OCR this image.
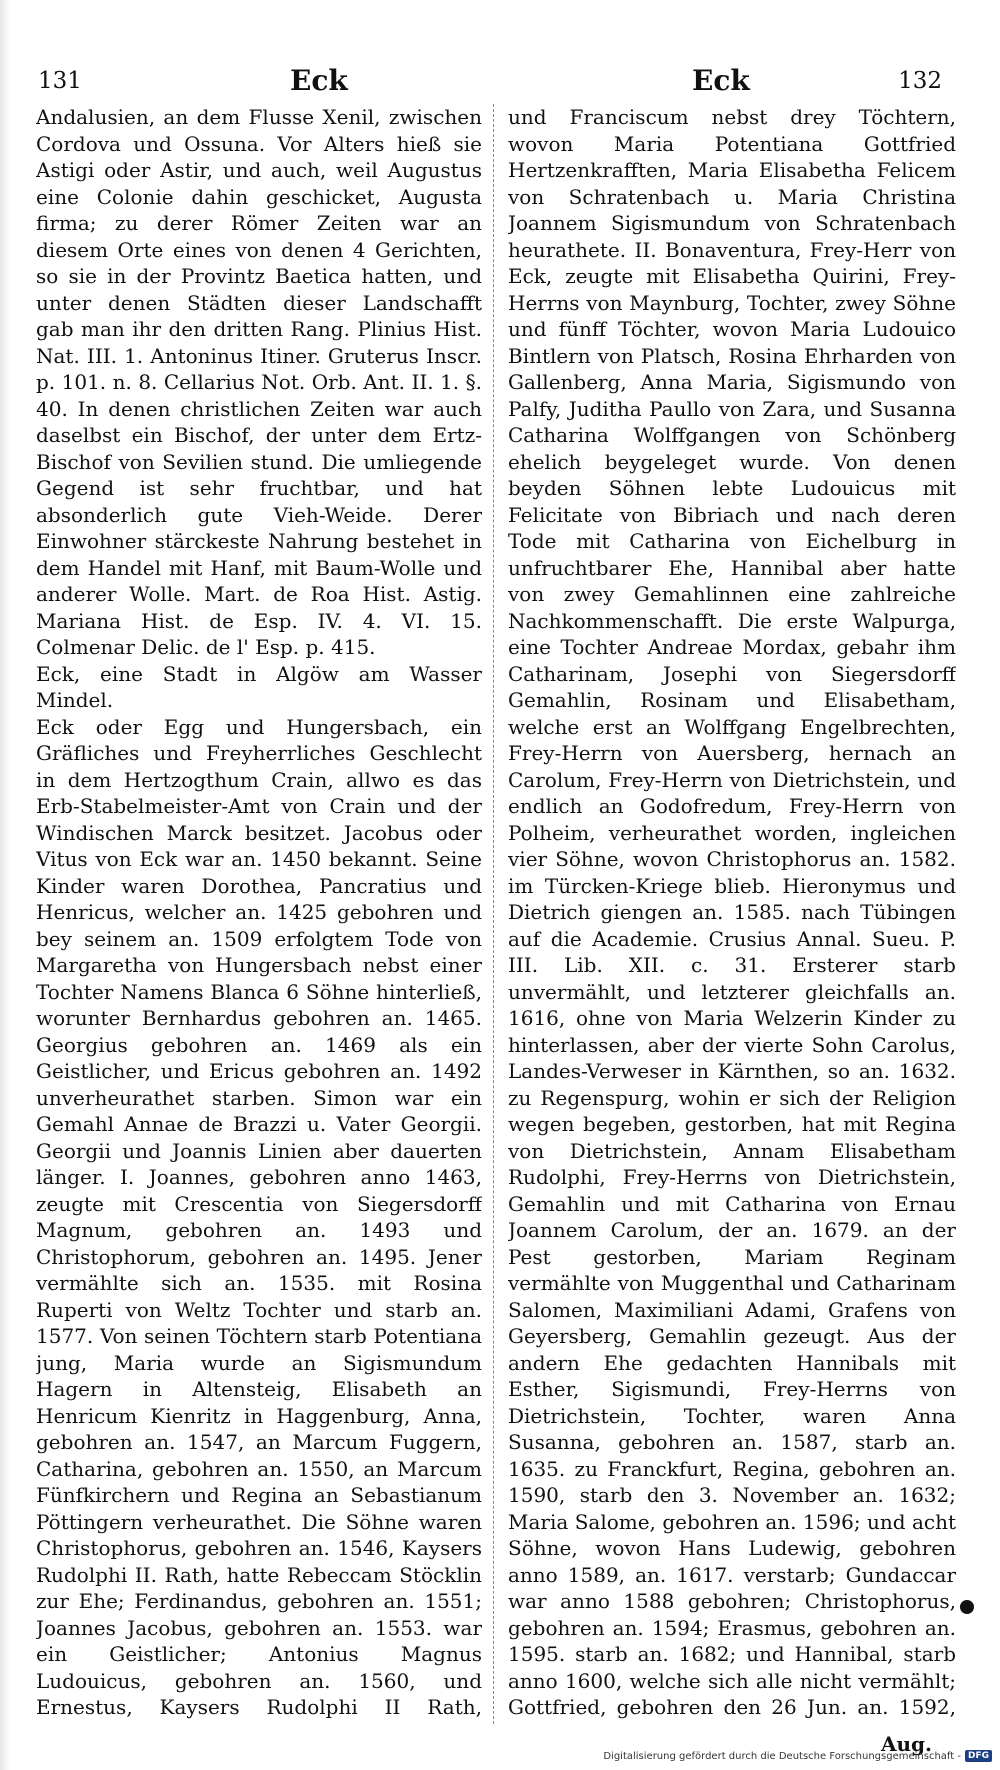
131	Eck	Eck	132

Andalusien, an dem Flusse Xenil, zwischen Cordova und Ossuna. Vor Alters hieß sie Astigi oder Astir, und auch, weil Augustus eine Colonie dahin geschicket, Augusta firma; zu derer Römer Zeiten war an diesem Orte eines von denen 4 Gerichten, so sie in der Provintz Baetica hatten, und unter denen Städten dieser Landschafft gab man ihr den dritten Rang. Plinius Hist. Nat. III. 1. Antoninus Itiner. Gruterus Inscr. p. 101. n. 8. Cellarius Not. Orb. Ant. II. 1. §. 40. In denen christlichen Zeiten war auch daselbst ein Bischof, der unter dem Ertz-Bischof von Sevilien stund. Die umliegende Gegend ist sehr fruchtbar, und hat absonderlich gute Vieh-Weide. Derer Einwohner stärckeste Nahrung bestehet in dem Handel mit Hanf, mit Baum-Wolle und anderer Wolle. Mart. de Roa Hist. Astig. Mariana Hist. de Esp. IV. 4. VI. 15. Colmenar Delic. de l' Esp. p. 415.

Eck, eine Stadt in Algöw am Wasser Mindel.

Eck oder Egg und Hungersbach, ein Gräfliches und Freyherrliches Geschlecht in dem Hertzogthum Crain, allwo es das Erb-Stabelmeister-Amt von Crain und der Windischen Marck besitzet. Jacobus oder Vitus von Eck war an. 1450 bekannt. Seine Kinder waren Dorothea, Pancratius und Henricus, welcher an. 1425 gebohren und bey seinem an. 1509 erfolgtem Tode von Margaretha von Hungersbach nebst einer Tochter Namens Blanca 6 Söhne hinterließ, worunter Bernhardus gebohren an. 1465. Georgius gebohren an. 1469 als ein Geistlicher, und Ericus gebohren an. 1492 unverheurathet starben. Simon war ein Gemahl Annae de Brazzi u. Vater Georgii. Georgii und Joannis Linien aber dauerten länger. I. Joannes, gebohren anno 1463, zeugte mit Crescentia von Siegersdorff Magnum, gebohren an. 1493 und Christophorum, gebohren an. 1495. Jener vermählte sich an. 1535. mit Rosina Ruperti von Weltz Tochter und starb an. 1577. Von seinen Töchtern starb Potentiana jung, Maria wurde an Sigismundum Hagern in Altensteig, Elisabeth an Henricum Kienritz in Haggenburg, Anna, gebohren an. 1547, an Marcum Fuggern, Catharina, gebohren an. 1550, an Marcum Fünfkirchern und Regina an Sebastianum Pöttingern verheurathet. Die Söhne waren Christophorus, gebohren an. 1546, Kaysers Rudolphi II. Rath, hatte Rebeccam Stöcklin zur Ehe; Ferdinandus, gebohren an. 1551; Joannes Jacobus, gebohren an. 1553. war ein Geistlicher; Antonius Magnus Ludouicus, gebohren an. 1560, und Ernestus, Kaysers Rudolphi II Rath,

und Franciscum nebst drey Töchtern, wovon Maria Potentiana Gottfried Hertzenkrafften, Maria Elisabetha Felicem von Schratenbach u. Maria Christina Joannem Sigismundum von Schratenbach heurathete. II. Bonaventura, Frey-Herr von Eck, zeugte mit Elisabetha Quirini, Frey-Herrns von Maynburg, Tochter, zwey Söhne und fünff Töchter, wovon Maria Ludouico Bintlern von Platsch, Rosina Ehrharden von Gallenberg, Anna Maria, Sigismundo von Palfy, Juditha Paullo von Zara, und Susanna Catharina Wolffgangen von Schönberg ehelich beygeleget wurde. Von denen beyden Söhnen lebte Ludouicus mit Felicitate von Bibriach und nach deren Tode mit Catharina von Eichelburg in unfruchtbarer Ehe, Hannibal aber hatte von zwey Gemahlinnen eine zahlreiche Nachkommenschafft. Die erste Walpurga, eine Tochter Andreae Mordax, gebahr ihm Catharinam, Josephi von Siegersdorff Gemahlin, Rosinam und Elisabetham, welche erst an Wolffgang Engelbrechten, Frey-Herrn von Auersberg, hernach an Carolum, Frey-Herrn von Dietrichstein, und endlich an Godofredum, Frey-Herrn von Polheim, verheurathet worden, ingleichen vier Söhne, wovon Christophorus an. 1582. im Türcken-Kriege blieb. Hieronymus und Dietrich giengen an. 1585. nach Tübingen auf die Academie. Crusius Annal. Sueu. P. III. Lib. XII. c. 31. Ersterer starb unvermählt, und letzterer gleichfalls an. 1616, ohne von Maria Welzerin Kinder zu hinterlassen, aber der vierte Sohn Carolus, Landes-Verweser in Kärnthen, so an. 1632. zu Regenspurg, wohin er sich der Religion wegen begeben, gestorben, hat mit Regina von Dietrichstein, Annam Elisabetham Rudolphi, Frey-Herrns von Dietrichstein, Gemahlin und mit Catharina von Ernau Joannem Carolum, der an. 1679. an der Pest gestorben, Mariam Reginam vermählte von Muggenthal und Catharinam Salomen, Maximiliani Adami, Grafens von Geyersberg, Gemahlin gezeugt. Aus der andern Ehe gedachten Hannibals mit Esther, Sigismundi, Frey-Herrns von Dietrichstein, Tochter, waren Anna Susanna, gebohren an. 1587, starb an. 1635. zu Franckfurt, Regina, gebohren an. 1590, starb den 3. November an. 1632; Maria Salome, gebohren an. 1596; und acht Söhne, wovon Hans Ludewig, gebohren anno 1589, an. 1617. verstarb; Gundaccar war anno 1588 gebohren; Christophorus, gebohren an. 1594; Erasmus, gebohren an. 1595. starb an. 1682; und Hannibal, starb anno 1600, welche sich alle nicht vermählt; Gottfried, gebohren den 26 Jun. an. 1592,

Aug.
Digitalisierung gefördert durch die Deutsche Forschungsgemeinschaft - DFG
